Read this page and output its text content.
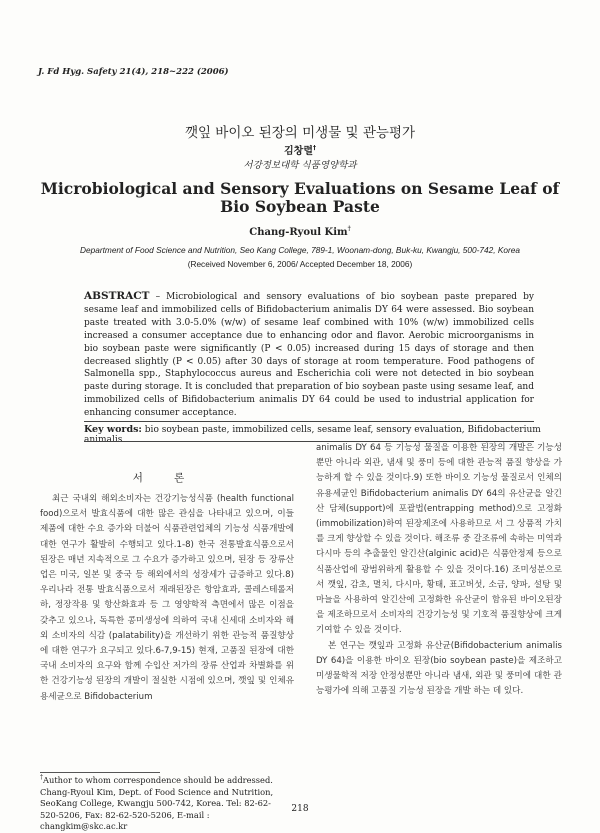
J. Fd Hyg. Safety 21(4), 218~222 (2006)
깻잎 바이오 된장의 미생물 및 관능평가
김창렬†
서강정보대학 식품영양학과
Microbiological and Sensory Evaluations on Sesame Leaf of Bio Soybean Paste
Chang-Ryoul Kim†
Department of Food Science and Nutrition, Seo Kang College, 789-1, Woonam-dong, Buk-ku, Kwangju, 500-742, Korea
(Received November 6, 2006/ Accepted December 18, 2006)
ABSTRACT – Microbiological and sensory evaluations of bio soybean paste prepared by sesame leaf and immobilized cells of Bifidobacterium animalis DY 64 were assessed. Bio soybean paste treated with 3.0-5.0% (w/w) of sesame leaf combined with 10% (w/w) immobilized cells increased a consumer acceptance due to enhancing odor and flavor. Aerobic microorganisms in bio soybean paste were significantly (P < 0.05) increased during 15 days of storage and then decreased slightly (P < 0.05) after 30 days of storage at room temperature. Food pathogens of Salmonella spp., Staphylococcus aureus and Escherichia coli were not detected in bio soybean paste during storage. It is concluded that preparation of bio soybean paste using sesame leaf, and immobilized cells of Bifidobacterium animalis DY 64 could be used to industrial application for enhancing consumer acceptance.
Key words: bio soybean paste, immobilized cells, sesame leaf, sensory evaluation, Bifidobacterium animalis
서 론

최근 국내외 해외소비자는 건강기능성식품 (health functional food)으로서 발효식품에 대한 많은 관심을 나타내고 있으며, 이들 제품에 대한 수요 증가와 더불어 식품관련업체의 기능성 식품개발에 대한 연구가 활발히 수행되고 있다.1-8) 한국 전통발효식품으로서 된장은 매년 지속적으로 그 수요가 증가하고 있으며, 된장 등 장류산업은 미국, 일본 및 중국 등 해외에서의 성장세가 급증하고 있다.8) 우리나라 전통 발효식품으로서 재래된장은 항암효과, 콜레스테롤저하, 정장작용 및 항산화효과 등 그 영양학적 측면에서 많은 이점을 갖추고 있으나, 독특한 콩미생성에 의하여 국내 신세대 소비자와 해외 소비자의 식감 (palatability)을 개선하기 위한 관능적 품질향상에 대한 연구가 요구되고 있다.6-7,9-15) 현재, 고품질 된장에 대한 국내 소비자의 요구와 함께 수입산 저가의 장류 산업과 차별화를 위한 건강기능성 된장의 개발이 절실한 시점에 있으며, 깻잎 및 인체유용세균으로 Bifidobacterium

animalis DY 64 등 기능성 물질을 이용한 된장의 개발은 기능성뿐만 아니라 외관, 냄새 및 풍미 등에 대한 관능적 품질 향상을 가능하게 할 수 있을 것이다.9) 또한 바이오 기능성 물질로서 인체의 유용세균인 Bifidobacterium animalis DY 64의 유산균을 알긴산 담체(support)에 포괄법(entrapping method)으로 고정화(immobilization)하여 된장제조에 사용하므로 서 그 상품적 가치를 크게 향상할 수 있을 것이다. 해조류 중 갈조류에 속하는 미역과 다시마 등의 추출물인 알긴산(alginic acid)은 식품안정제 등으로 식품산업에 광범위하게 활용할 수 있을 것이다.16) 조미성분으로서 깻잎, 감초, 멸치, 다시마, 황태, 표고버섯, 소금, 양파, 설탕 및 마늘을 사용하여 알긴산에 고정화한 유산균이 함유된 바이오된장을 제조하므로서 소비자의 건강기능성 및 기호적 품질향상에 크게 기여할 수 있을 것이다.

본 연구는 깻잎과 고정화 유산균(Bifidobacterium animalis DY 64)을 이용한 바이오 된장(bio soybean paste)을 제조하고 미생물학적 저장 안정성뿐만 아니라 냄새, 외관 및 풍미에 대한 관능평가에 의해 고품질 기능성 된장을 개발 하는 데 있다.

†Author to whom correspondence should be addressed.
Chang-Ryoul Kim, Dept. of Food Science and Nutrition,
SeoKang College, Kwangju 500-742, Korea. Tel: 82-62-
520-5206, Fax: 82-62-520-5206, E-mail : changkim@skc.ac.kr
218
